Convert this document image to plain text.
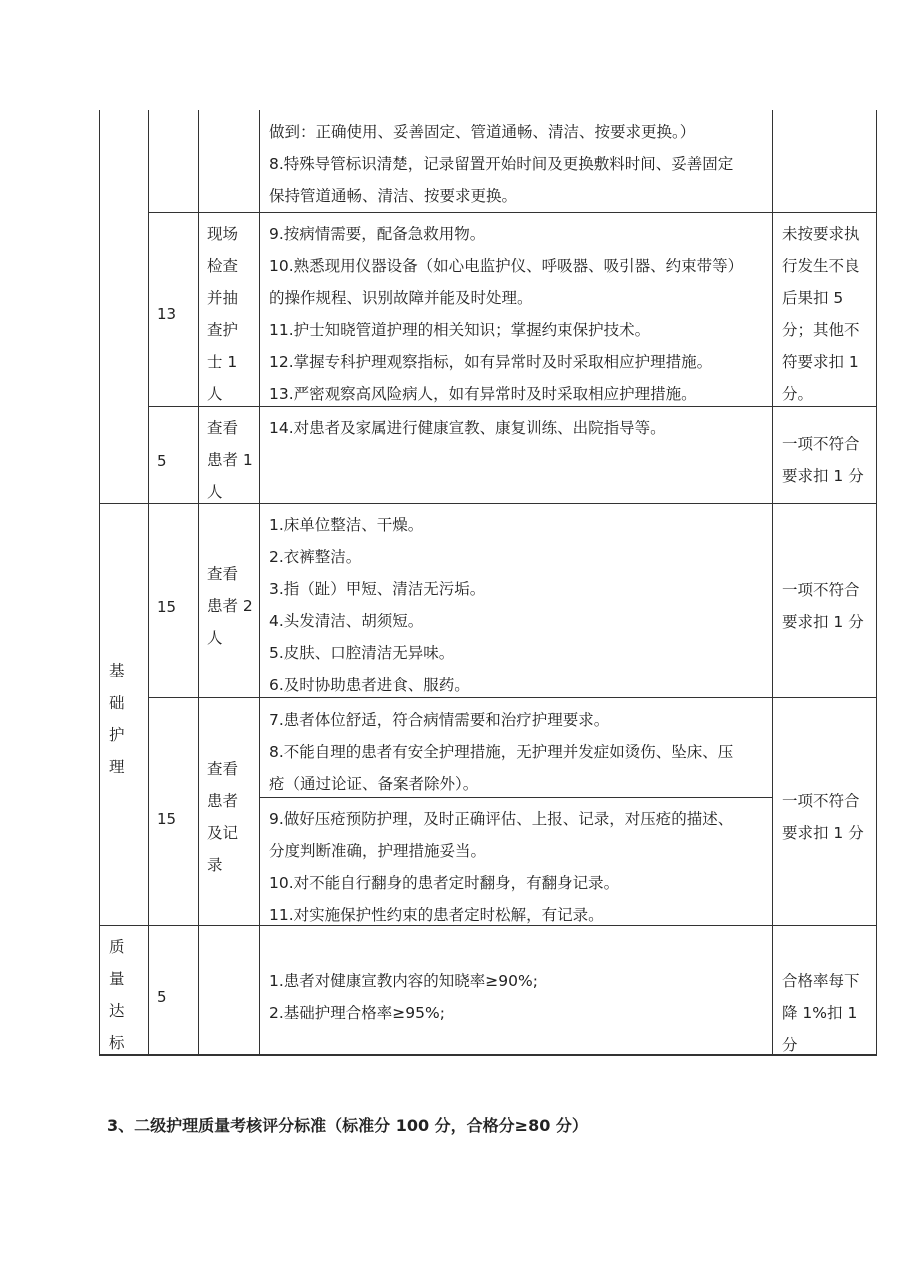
做到：正确使用、妥善固定、管道通畅、清洁、按要求更换。）
8.特殊导管标识清楚，记录留置开始时间及更换敷料时间、妥善固定
保持管道通畅、清洁、按要求更换。
13
现场
检查
并抽
查护
士 1
人
9.按病情需要，配备急救用物。
10.熟悉现用仪器设备（如心电监护仪、呼吸器、吸引器、约束带等）
的操作规程、识别故障并能及时处理。
11.护士知晓管道护理的相关知识；掌握约束保护技术。
12.掌握专科护理观察指标，如有异常时及时采取相应护理措施。
13.严密观察高风险病人，如有异常时及时采取相应护理措施。
未按要求执
行发生不良
后果扣 5
分；其他不
符要求扣 1
分。
5
查看
患者 1
人
14.对患者及家属进行健康宣教、康复训练、出院指导等。
一项不符合
要求扣 1 分
基
础
护
理
15
查看
患者 2
人
1.床单位整洁、干燥。
2.衣裤整洁。
3.指（趾）甲短、清洁无污垢。
4.头发清洁、胡须短。
5.皮肤、口腔清洁无异味。
6.及时协助患者进食、服药。
一项不符合
要求扣 1 分
15
查看
患者
及记
录
7.患者体位舒适，符合病情需要和治疗护理要求。
8.不能自理的患者有安全护理措施，无护理并发症如烫伤、坠床、压
疮（通过论证、备案者除外）。
9.做好压疮预防护理，及时正确评估、上报、记录，对压疮的描述、
分度判断准确，护理措施妥当。
10.对不能自行翻身的患者定时翻身，有翻身记录。
11.对实施保护性约束的患者定时松解，有记录。
一项不符合
要求扣 1 分
质
量
达
标
5
1.患者对健康宣教内容的知晓率≥90%;
2.基础护理合格率≥95%;
合格率每下
降 1%扣 1 分
3、二级护理质量考核评分标准（标准分 100 分，合格分≥80 分）
